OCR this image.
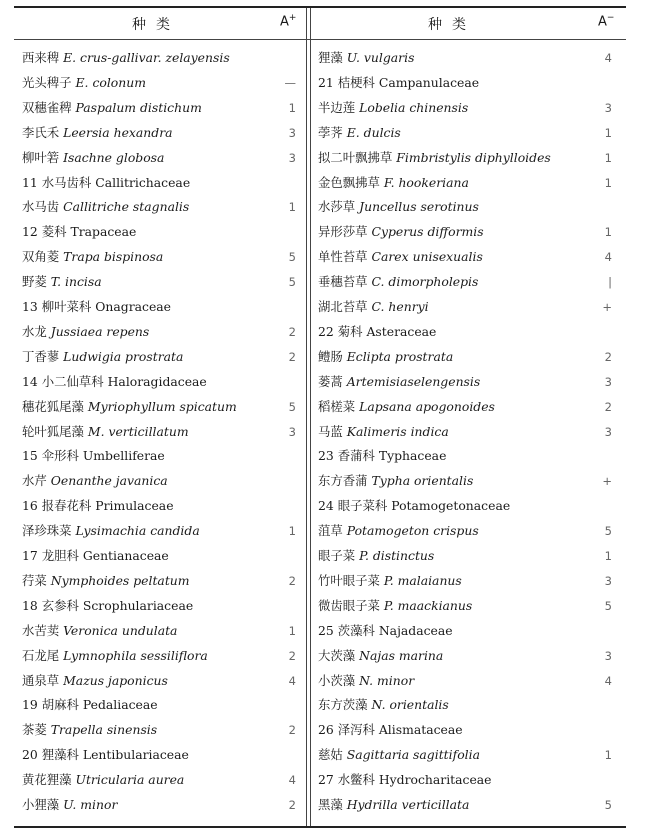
种类	A+	种类	A−
西来稗 E. crus-gallivar. zelayensis
光头稗子 E. colonum	—
双穗雀稗 Paspalum distichum	1
李氏禾 Leersia hexandra	3
柳叶箬 Isachne globosa	3
11 水马齿科 Callitrichaceae
水马齿 Callitriche stagnalis	1
12 菱科 Trapaceae
双角菱 Trapa bispinosa	5
野菱 T. incisa	5
13 柳叶菜科 Onagraceae
水龙 Jussiaea repens	2
丁香蓼 Ludwigia prostrata	2
14 小二仙草科 Haloragidaceae
穗花狐尾藻 Myriophyllum spicatum	5
轮叶狐尾藻 M. verticillatum	3
15 伞形科 Umbelliferae
水芹 Oenanthe javanica
16 报春花科 Primulaceae
泽珍珠菜 Lysimachia candida	1
17 龙胆科 Gentianaceae
荇菜 Nymphoides peltatum	2
18 玄参科 Scrophulariaceae
水苦荬 Veronica undulata	1
石龙尾 Lymnophila sessiliflora	2
通泉草 Mazus japonicus	4
19 胡麻科 Pedaliaceae
茶菱 Trapella sinensis	2
20 狸藻科 Lentibulariaceae
黄花狸藻 Utricularia aurea	4
小狸藻 U. minor	2
狸藻 U. vulgaris	4
21 桔梗科 Campanulaceae
半边莲 Lobelia chinensis	3
荸荠 E. dulcis	1
拟二叶飘拂草 Fimbristylis diphylloides	1
金色飘拂草 F. hookeriana	1
水莎草 Juncellus serotinus
异形莎草 Cyperus difformis	1
单性苔草 Carex unisexualis	4
垂穗苔草 C. dimorpholepis	|
湖北苔草 C. henryi	+
22 菊科 Asteraceae
鳢肠 Eclipta prostrata	2
蒌蒿 Artemisiaselengensis	3
稻槎菜 Lapsana apogonoides	2
马蓝 Kalimeris indica	3
23 香蒲科 Typhaceae
东方香蒲 Typha orientalis	+
24 眼子菜科 Potamogetonaceae
菹草 Potamogeton crispus	5
眼子菜 P. distinctus	1
竹叶眼子菜 P. malaianus	3
微齿眼子菜 P. maackianus	5
25 茨藻科 Najadaceae
大茨藻 Najas marina	3
小茨藻 N. minor	4
东方茨藻 N. orientalis
26 泽泻科 Alismataceae
慈姑 Sagittaria sagittifolia	1
27 水鳖科 Hydrocharitaceae
黑藻 Hydrilla verticillata	5
